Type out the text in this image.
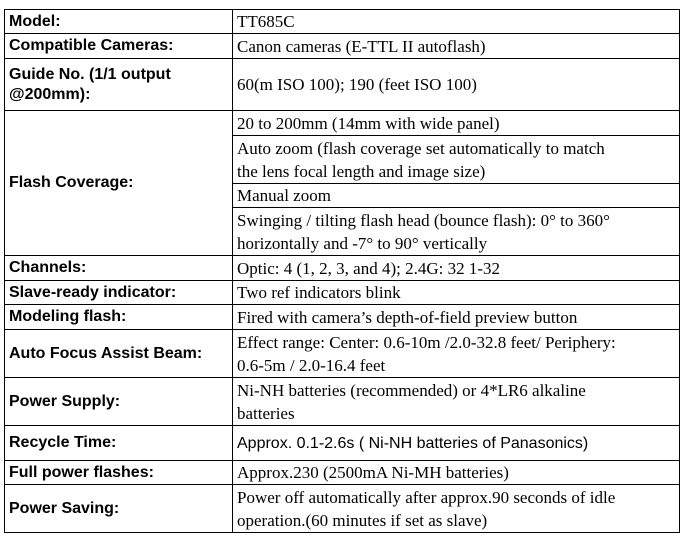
Model:	TT685C
Compatible Cameras:	Canon cameras (E-TTL II autoflash)

Guide No. (1/1 output
@200mm):	60(m ISO 100); 190 (feet ISO 100)
Flash Coverage:	20 to 200mm (14mm with wide panel)

	Auto zoom (flash coverage set automatically to match
the lens focal length and image size)

	Manual zoom

	Swinging / tilting flash head (bounce flash): 0° to 360°
horizontally and -7° to 90° vertically

Channels:	Optic: 4 (1, 2, 3, and 4); 2.4G: 32 1-32
Slave-ready indicator:	Two ref indicators blink
Modeling flash:	Fired with camera’s depth-of-field preview button
Auto Focus Assist Beam:	Effect range: Center: 0.6-10m /2.0-32.8 feet/ Periphery:
0.6-5m / 2.0-16.4 feet

Power Supply:	Ni-NH batteries (recommended) or 4*LR6 alkaline
batteries

Recycle Time:	Approx. 0.1-2.6s ( Ni-NH batteries of Panasonics)
Full power flashes:	Approx.230 (2500mA Ni-MH batteries)
Power Saving:	Power off automatically after approx.90 seconds of idle
operation.(60 minutes if set as slave)
